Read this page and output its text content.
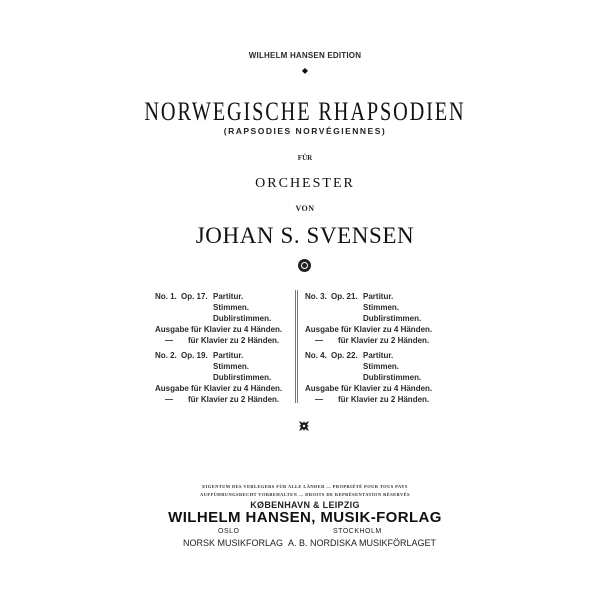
WILHELM HANSEN EDITION
◆
NORWEGISCHE RHAPSODIEN
(RAPSODIES NORVÉGIENNES)
FÜR
ORCHESTER
VON
JOHAN S. SVENSEN
No. 1. Op. 17. Partitur.
Stimmen.
Dublirstimmen.
Ausgabe für Klavier zu 4 Händen.
— für Klavier zu 2 Händen.
No. 2. Op. 19. Partitur.
Stimmen.
Dublirstimmen.
Ausgabe für Klavier zu 4 Händen.
— für Klavier zu 2 Händen.
No. 3. Op. 21. Partitur.
Stimmen.
Dublirstimmen.
Ausgabe für Klavier zu 4 Händen.
— für Klavier zu 2 Händen.
No. 4. Op. 22. Partitur.
Stimmen.
Dublirstimmen.
Ausgabe für Klavier zu 4 Händen.
— für Klavier zu 2 Händen.
EIGENTUM DES VERLEGERS FÜR ALLE LÄNDER — PROPRIÉTÉ POUR TOUS PAYS
AUFFÜHRUNGSRECHT VORBEHALTEN — DROITS DE REPRÉSENTATION RÉSERVÉS
KØBENHAVN & LEIPZIG
WILHELM HANSEN, MUSIK-FORLAG
OSLO
NORSK MUSIKFORLAG
STOCKHOLM
A. B. NORDISKA MUSIKFÖRLAGET
